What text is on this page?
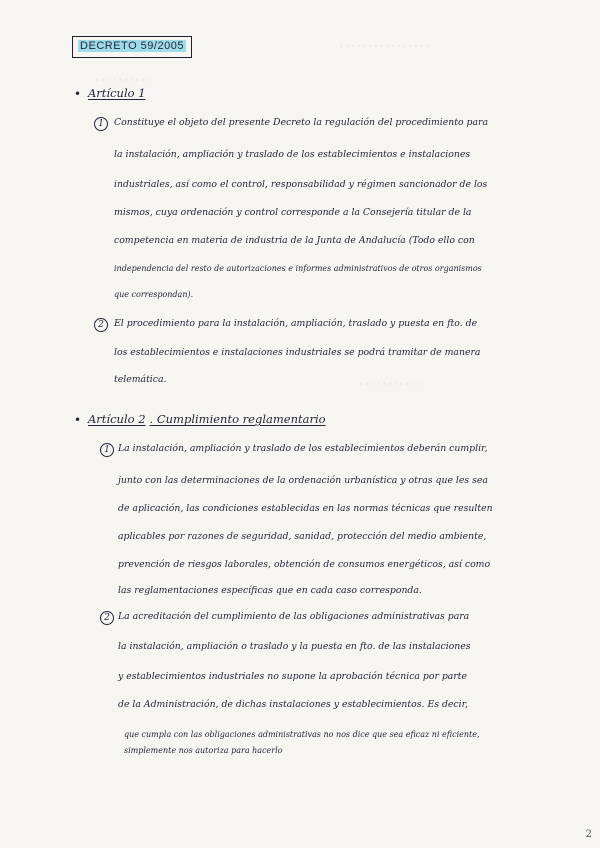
· · · · · · · · · · · · · · · ·
· · · · · · · · · ·
· · · · · · · · · · ·
DECRETO 59/2005
• Artículo 1
1	Constituye el objeto del presente Decreto la regulación del procedimiento para
la instalación, ampliación y traslado de los establecimientos e instalaciones
industriales, así como el control, responsabilidad y régimen sancionador de los
mismos, cuya ordenación y control corresponde a la Consejería titular de la
competencia en materia de industria de la Junta de Andalucía (Todo ello con
independencia del resto de autorizaciones e informes administrativos de otros organismos
que correspondan).
2	El procedimiento para la instalación, ampliación, traslado y puesta en fto. de
los establecimientos e instalaciones industriales se podrá tramitar de manera
telemática.
• Artículo 2 . Cumplimiento reglamentario
1 La instalación, ampliación y traslado de los establecimientos deberán cumplir,
junto con las determinaciones de la ordenación urbanística y otras que les sea
de aplicación, las condiciones establecidas en las normas técnicas que resulten
aplicables por razones de seguridad, sanidad, protección del medio ambiente,
prevención de riesgos laborales, obtención de consumos energéticos, así como
las reglamentaciones específicas que en cada caso corresponda.
2 La acreditación del cumplimiento de las obligaciones administrativas para
la instalación, ampliación o traslado y la puesta en fto. de las instalaciones
y establecimientos industriales no supone la aprobación técnica por parte
de la Administración, de dichas instalaciones y establecimientos. Es decir,
que cumpla con las obligaciones administrativas no nos dice que sea eficaz ni eficiente,
simplemente nos autoriza para hacerlo
2
